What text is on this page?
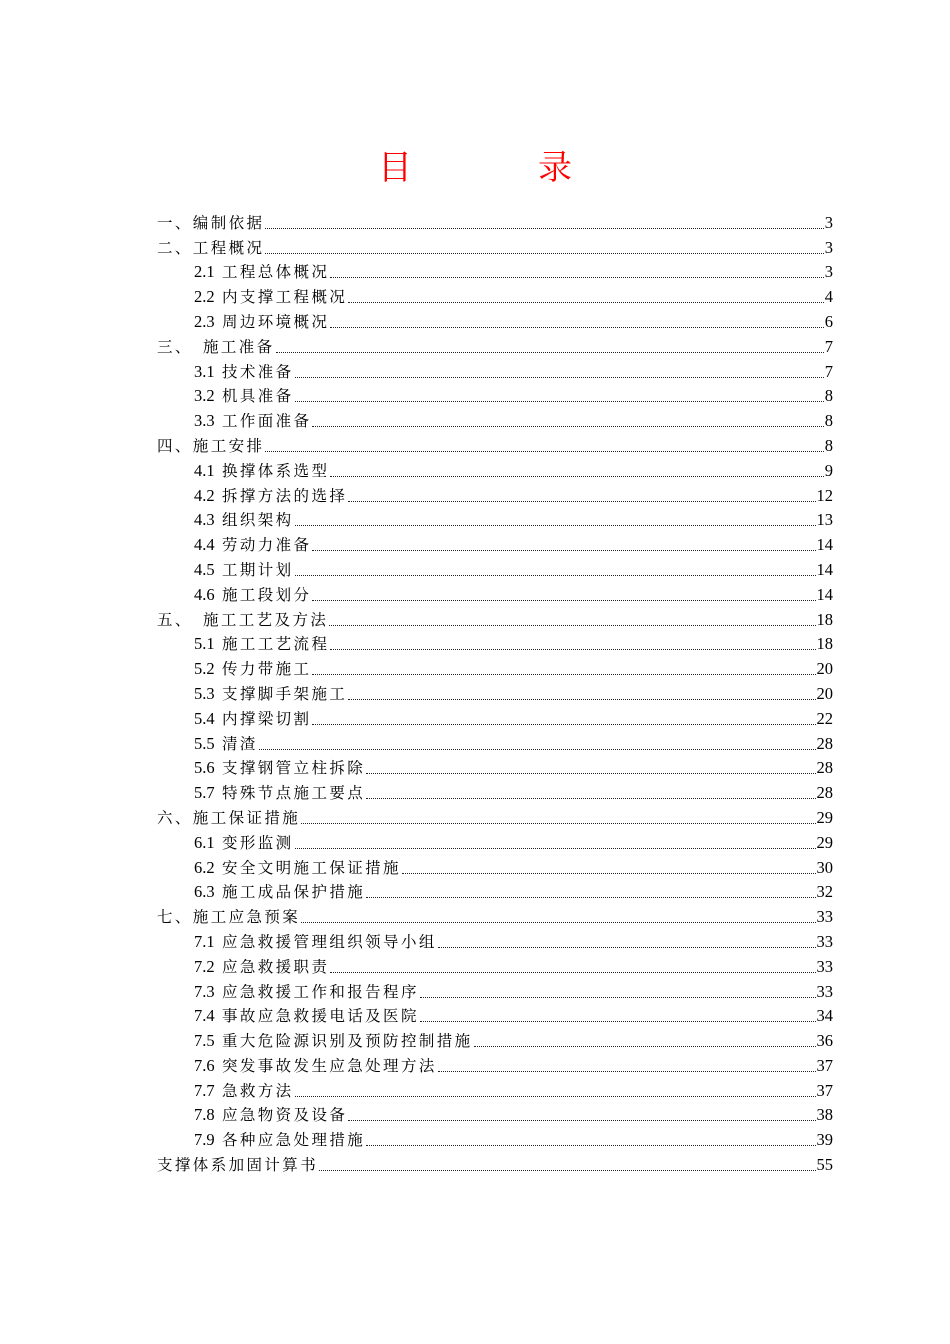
目　录
一、编制依据	3
二、工程概况	3
2.1 工程总体概况	3
2.2 内支撑工程概况	4
2.3 周边环境概况	6
三、　施工准备	7
3.1 技术准备	7
3.2 机具准备	8
3.3 工作面准备	8
四、施工安排	8
4.1 换撑体系选型	9
4.2 拆撑方法的选择	12
4.3 组织架构	13
4.4 劳动力准备	14
4.5 工期计划	14
4.6 施工段划分	14
五、　施工工艺及方法	18
5.1 施工工艺流程	18
5.2 传力带施工	20
5.3 支撑脚手架施工	20
5.4 内撑梁切割	22
5.5 清渣	28
5.6 支撑钢管立柱拆除	28
5.7 特殊节点施工要点	28
六、施工保证措施	29
6.1 变形监测	29
6.2 安全文明施工保证措施	30
6.3 施工成品保护措施	32
七、施工应急预案	33
7.1 应急救援管理组织领导小组	33
7.2 应急救援职责	33
7.3 应急救援工作和报告程序	33
7.4 事故应急救援电话及医院	34
7.5 重大危险源识别及预防控制措施	36
7.6 突发事故发生应急处理方法	37
7.7 急救方法	37
7.8 应急物资及设备	38
7.9 各种应急处理措施	39
支撑体系加固计算书	55
